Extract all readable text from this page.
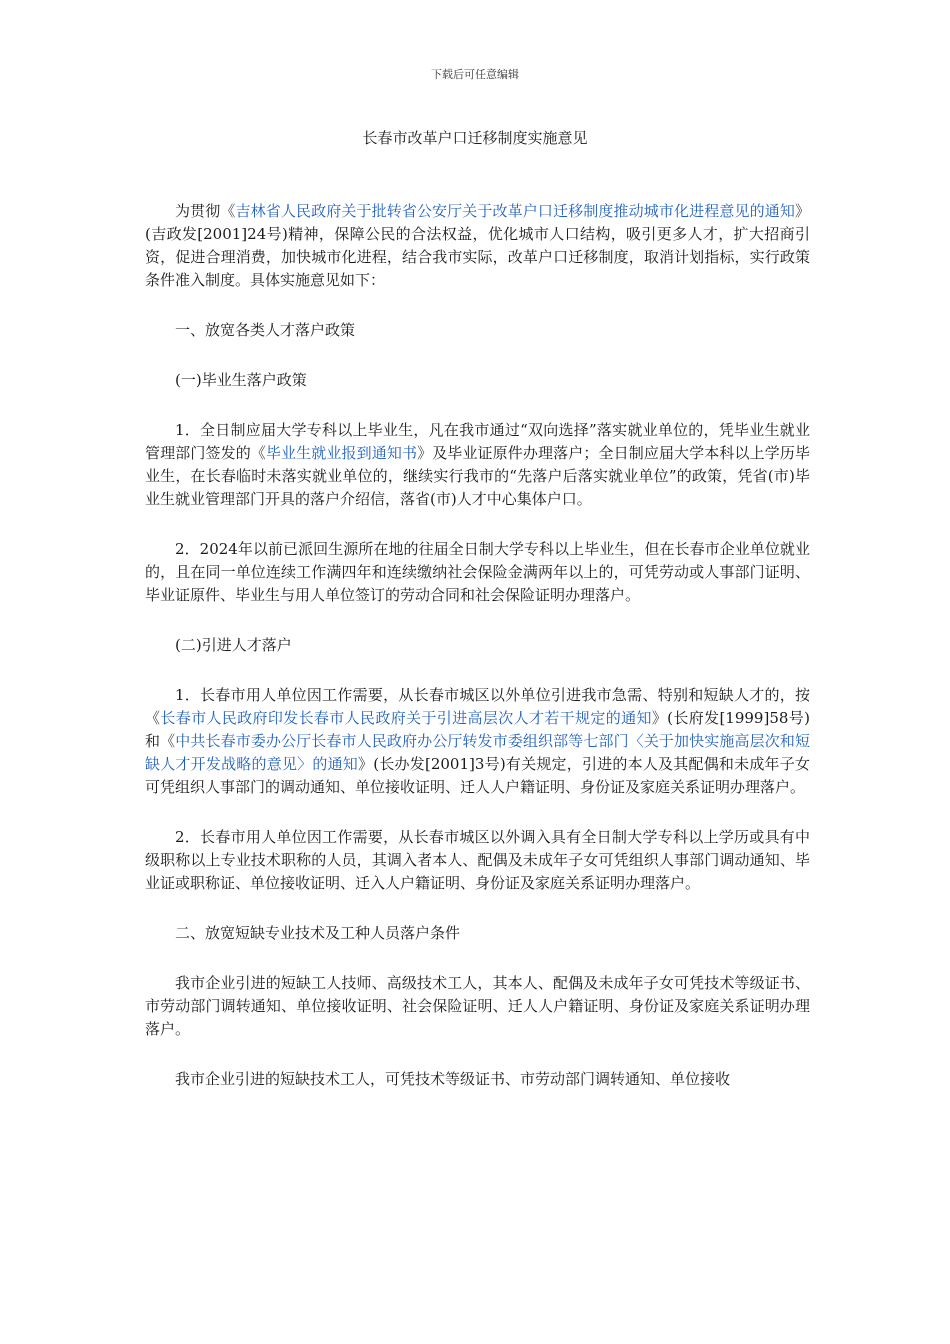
下载后可任意编辑
长春市改革户口迁移制度实施意见

为贯彻《吉林省人民政府关于批转省公安厅关于改革户口迁移制度推动城市化进程意见的通知》(吉政发[2001]24号)精神，保障公民的合法权益，优化城市人口结构，吸引更多人才，扩大招商引资，促进合理消费，加快城市化进程，结合我市实际，改革户口迁移制度，取消计划指标，实行政策条件准入制度。具体实施意见如下：

一、放宽各类人才落户政策

(一)毕业生落户政策

1．全日制应届大学专科以上毕业生，凡在我市通过“双向选择”落实就业单位的，凭毕业生就业管理部门签发的《毕业生就业报到通知书》及毕业证原件办理落户；全日制应届大学本科以上学历毕业生，在长春临时未落实就业单位的，继续实行我市的“先落户后落实就业单位”的政策，凭省(市)毕业生就业管理部门开具的落户介绍信，落省(市)人才中心集体户口。

2．2024年以前已派回生源所在地的往届全日制大学专科以上毕业生，但在长春市企业单位就业的，且在同一单位连续工作满四年和连续缴纳社会保险金满两年以上的，可凭劳动或人事部门证明、毕业证原件、毕业生与用人单位签订的劳动合同和社会保险证明办理落户。

(二)引进人才落户

1．长春市用人单位因工作需要，从长春市城区以外单位引进我市急需、特别和短缺人才的，按《长春市人民政府印发长春市人民政府关于引进高层次人才若干规定的通知》(长府发[1999]58号)和《中共长春市委办公厅长春市人民政府办公厅转发市委组织部等七部门〈关于加快实施高层次和短缺人才开发战略的意见〉的通知》(长办发[2001]3号)有关规定，引进的本人及其配偶和未成年子女可凭组织人事部门的调动通知、单位接收证明、迁人人户籍证明、身份证及家庭关系证明办理落户。

2．长春市用人单位因工作需要，从长春市城区以外调入具有全日制大学专科以上学历或具有中级职称以上专业技术职称的人员，其调入者本人、配偶及未成年子女可凭组织人事部门调动通知、毕业证或职称证、单位接收证明、迁入人户籍证明、身份证及家庭关系证明办理落户。

二、放宽短缺专业技术及工种人员落户条件

我市企业引进的短缺工人技师、高级技术工人，其本人、配偶及未成年子女可凭技术等级证书、市劳动部门调转通知、单位接收证明、社会保险证明、迁人人户籍证明、身份证及家庭关系证明办理落户。

我市企业引进的短缺技术工人，可凭技术等级证书、市劳动部门调转通知、单位接收
